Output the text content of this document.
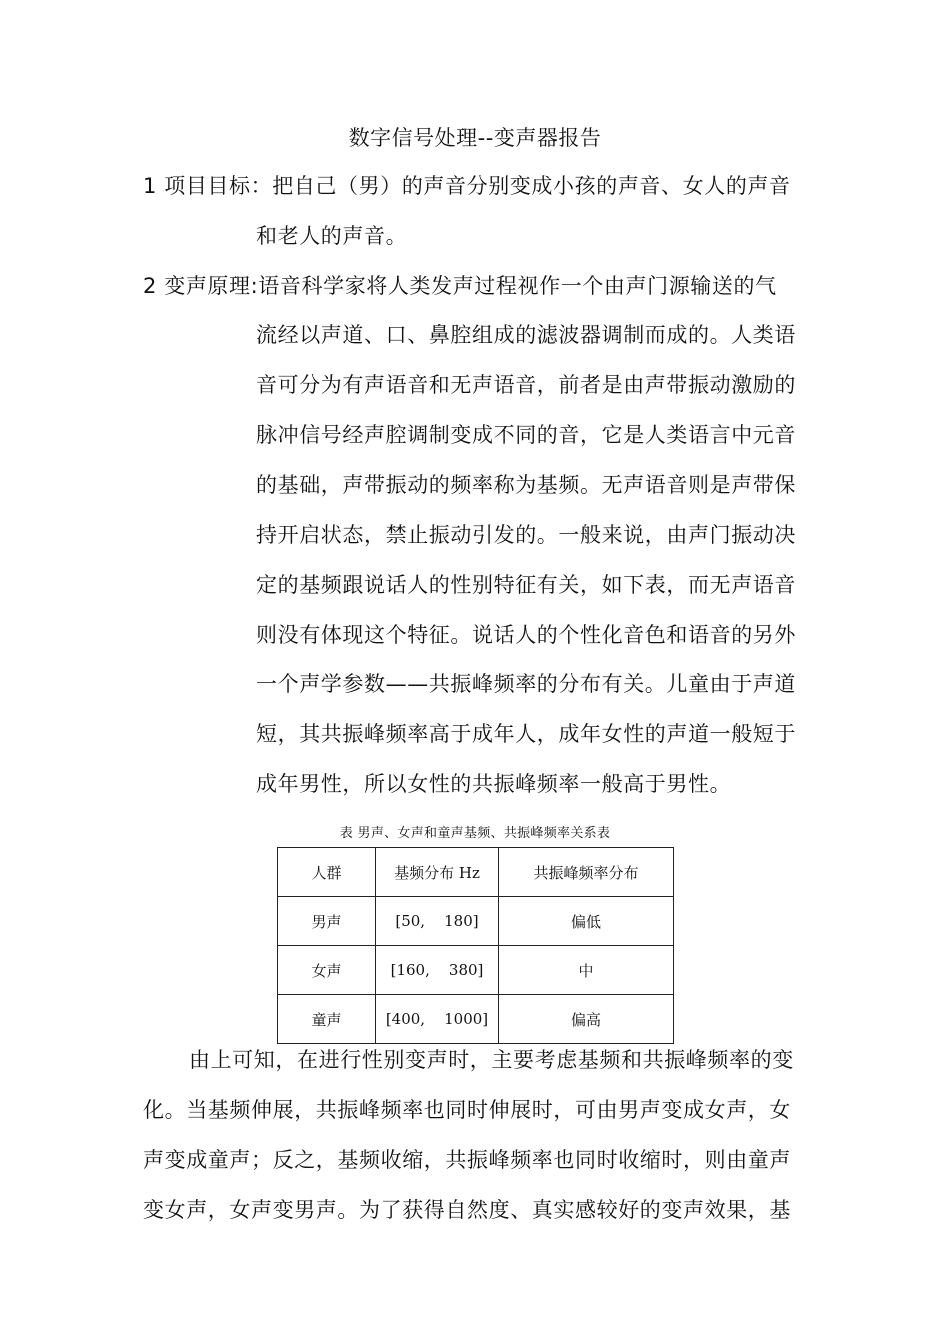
数字信号处理--变声器报告
1 项目目标：把自己（男）的声音分别变成小孩的声音、女人的声音
和老人的声音。
2 变声原理:语音科学家将人类发声过程视作一个由声门源输送的气
流经以声道、口、鼻腔组成的滤波器调制而成的。人类语
音可分为有声语音和无声语音，前者是由声带振动激励的
脉冲信号经声腔调制变成不同的音，它是人类语言中元音
的基础，声带振动的频率称为基频。无声语音则是声带保
持开启状态，禁止振动引发的。一般来说，由声门振动决
定的基频跟说话人的性别特征有关，如下表，而无声语音
则没有体现这个特征。说话人的个性化音色和语音的另外
一个声学参数——共振峰频率的分布有关。儿童由于声道
短，其共振峰频率高于成年人，成年女性的声道一般短于
成年男性，所以女性的共振峰频率一般高于男性。
表 男声、女声和童声基频、共振峰频率关系表
人群	基频分布 Hz	共振峰频率分布
男声	[50,    180]	偏低
女声	[160,    380]	中
童声	[400,    1000]	偏高
由上可知，在进行性别变声时，主要考虑基频和共振峰频率的变
化。当基频伸展，共振峰频率也同时伸展时，可由男声变成女声，女
声变成童声；反之，基频收缩，共振峰频率也同时收缩时，则由童声
变女声，女声变男声。为了获得自然度、真实感较好的变声效果，基
